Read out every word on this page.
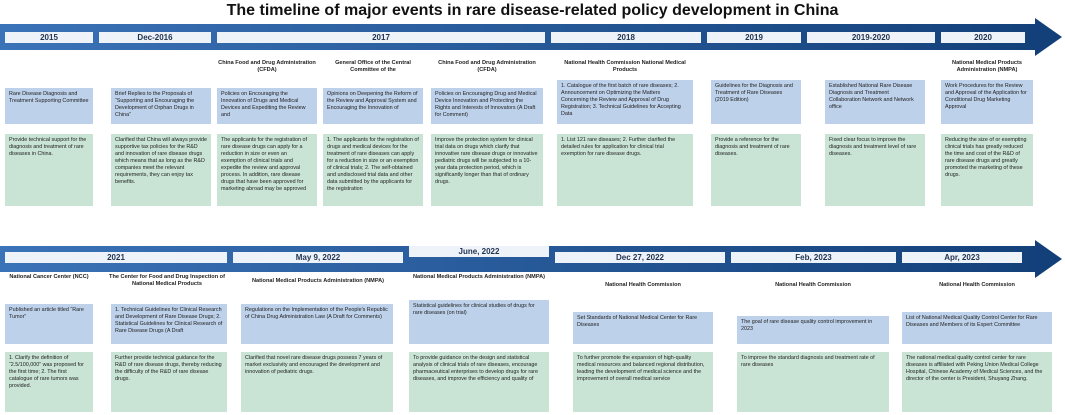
The timeline of major events in rare disease-related policy development in China
2015	Dec-2016	2017	2018	2019	2019-2020	2020
Rare Disease Diagnosis and Treatment Supporting Committee
Provide technical support for the diagnosis and treatment of rare diseases in China.
Brief Replies to the Proposals of “Supporting and Encouraging the Development of Orphan Drugs in China”
Clarified that China will always provide supportive tax policies for the R&D and innovation of rare disease drugs which means that as long as the R&D companies meet the relevant requirements, they can enjoy tax benefits.
China Food and Drug Administration (CFDA)
Policies on Encouraging the Innovation of Drugs and Medical Devices and Expediting the Review and
The applicants for the registration of rare disease drugs can apply for a reduction in size or even an exemption of clinical trials and expedite the review and approval process. In addition, rare disease drugs that have been approved for marketing abroad may be approved
General Office of the Central Committee of the
Opinions on Deepening the Reform of the Review and Approval System and Encouraging the Innovation of
1. The applicants for the registration of drugs and medical devices for the treatment of rare diseases can apply for a reduction in size or an exemption of clinical trials; 2. The self-obtained and undisclosed trial data and other data submitted by the applicants for the registration
China Food and Drug Administration (CFDA)
Policies on Encouraging Drug and Medical Device Innovation and Protecting the Rights and Interests of Innovators (A Draft for Comment)
Improve the protection system for clinical trial data on drugs which clarify that innovative rare disease drugs or innovative pediatric drugs will be subjected to a 10-year data protection period, which is significantly longer than that of ordinary drugs.
National Health Commission National Medical Products
1. Catalogue of the first batch of rare diseases; 2. Announcement on Optimizing the Matters Concerning the Review and Approval of Drug Registration; 3. Technical Guidelines for Accepting Data
1. List 121 rare diseases; 2. Further clarified the detailed rules for application for clinical trial exemption for rare disease drugs.
Guidelines for the Diagnosis and Treatment of Rare Diseases (2019 Edition)
Provide a reference for the diagnosis and treatment of rare diseases.
Established National Rare Disease Diagnosis and Treatment Collaboration Network and Network office
Fixed clear focus to improve the diagnosis and treatment level of rare diseases.
National Medical Products Administration (NMPA)
Work Procedures for the Review and Approval of the Application for Conditional Drug Marketing Approval
Reducing the size of or exempting clinical trials has greatly reduced the time and cost of the R&D of rare disease drugs and greatly promoted the marketing of these drugs.
2021	May 9, 2022
June, 2022
Dec 27, 2022	Feb, 2023	Apr, 2023
National Cancer Center (NCC)
Published an article titled “Rare Tumor”
1. Clarify the definition of “2.5/100,000” was proposed for the first time; 2. The first catalogue of rare tumors was provided.
The Center for Food and Drug Inspection of National Medical Products
1. Technical Guidelines for Clinical Research and Development of Rare Disease Drugs; 2. Statistical Guidelines for Clinical Research of Rare Disease Drugs (A Draft
Further provide technical guidance for the R&D of rare disease drugs, thereby reducing the difficulty of the R&D of rare disease drugs.
National Medical Products Administration (NMPA)
Regulations on the Implementation of the People's Republic of China Drug Administration Law (A Draft for Comments)
Clarified that novel rare disease drugs possess 7 years of market exclusivity and encouraged the development and innovation of pediatric drugs.
National Medical Products Administration (NMPA)
Statistical guidelines for clinical studies of drugs for rare diseases (on trial)
To provide guidance on the design and statistical analysis of clinical trials of rare diseases, encourage pharmaceutical enterprises to develop drugs for rare diseases, and improve the efficiency and quality of
National Health Commission
Set Standards of National Medical Center for Rare Diseases
To further promote the expansion of high-quality medical resources and balanced regional distribution, leading the development of medical science and the improvement of overall medical service
National Health Commission
The goal of rare disease quality control improvement in 2023
To improve the standard diagnosis and treatment rate of rare diseases
National Health Commission
List of National Medical Quality Control Center for Rare Diseases and Members of its Expert Committee
The national medical quality control center for rare diseases is affiliated with Peking Union Medical College Hospital, Chinese Academy of Medical Sciences, and the director of the center is President, Shuyang Zhang.
